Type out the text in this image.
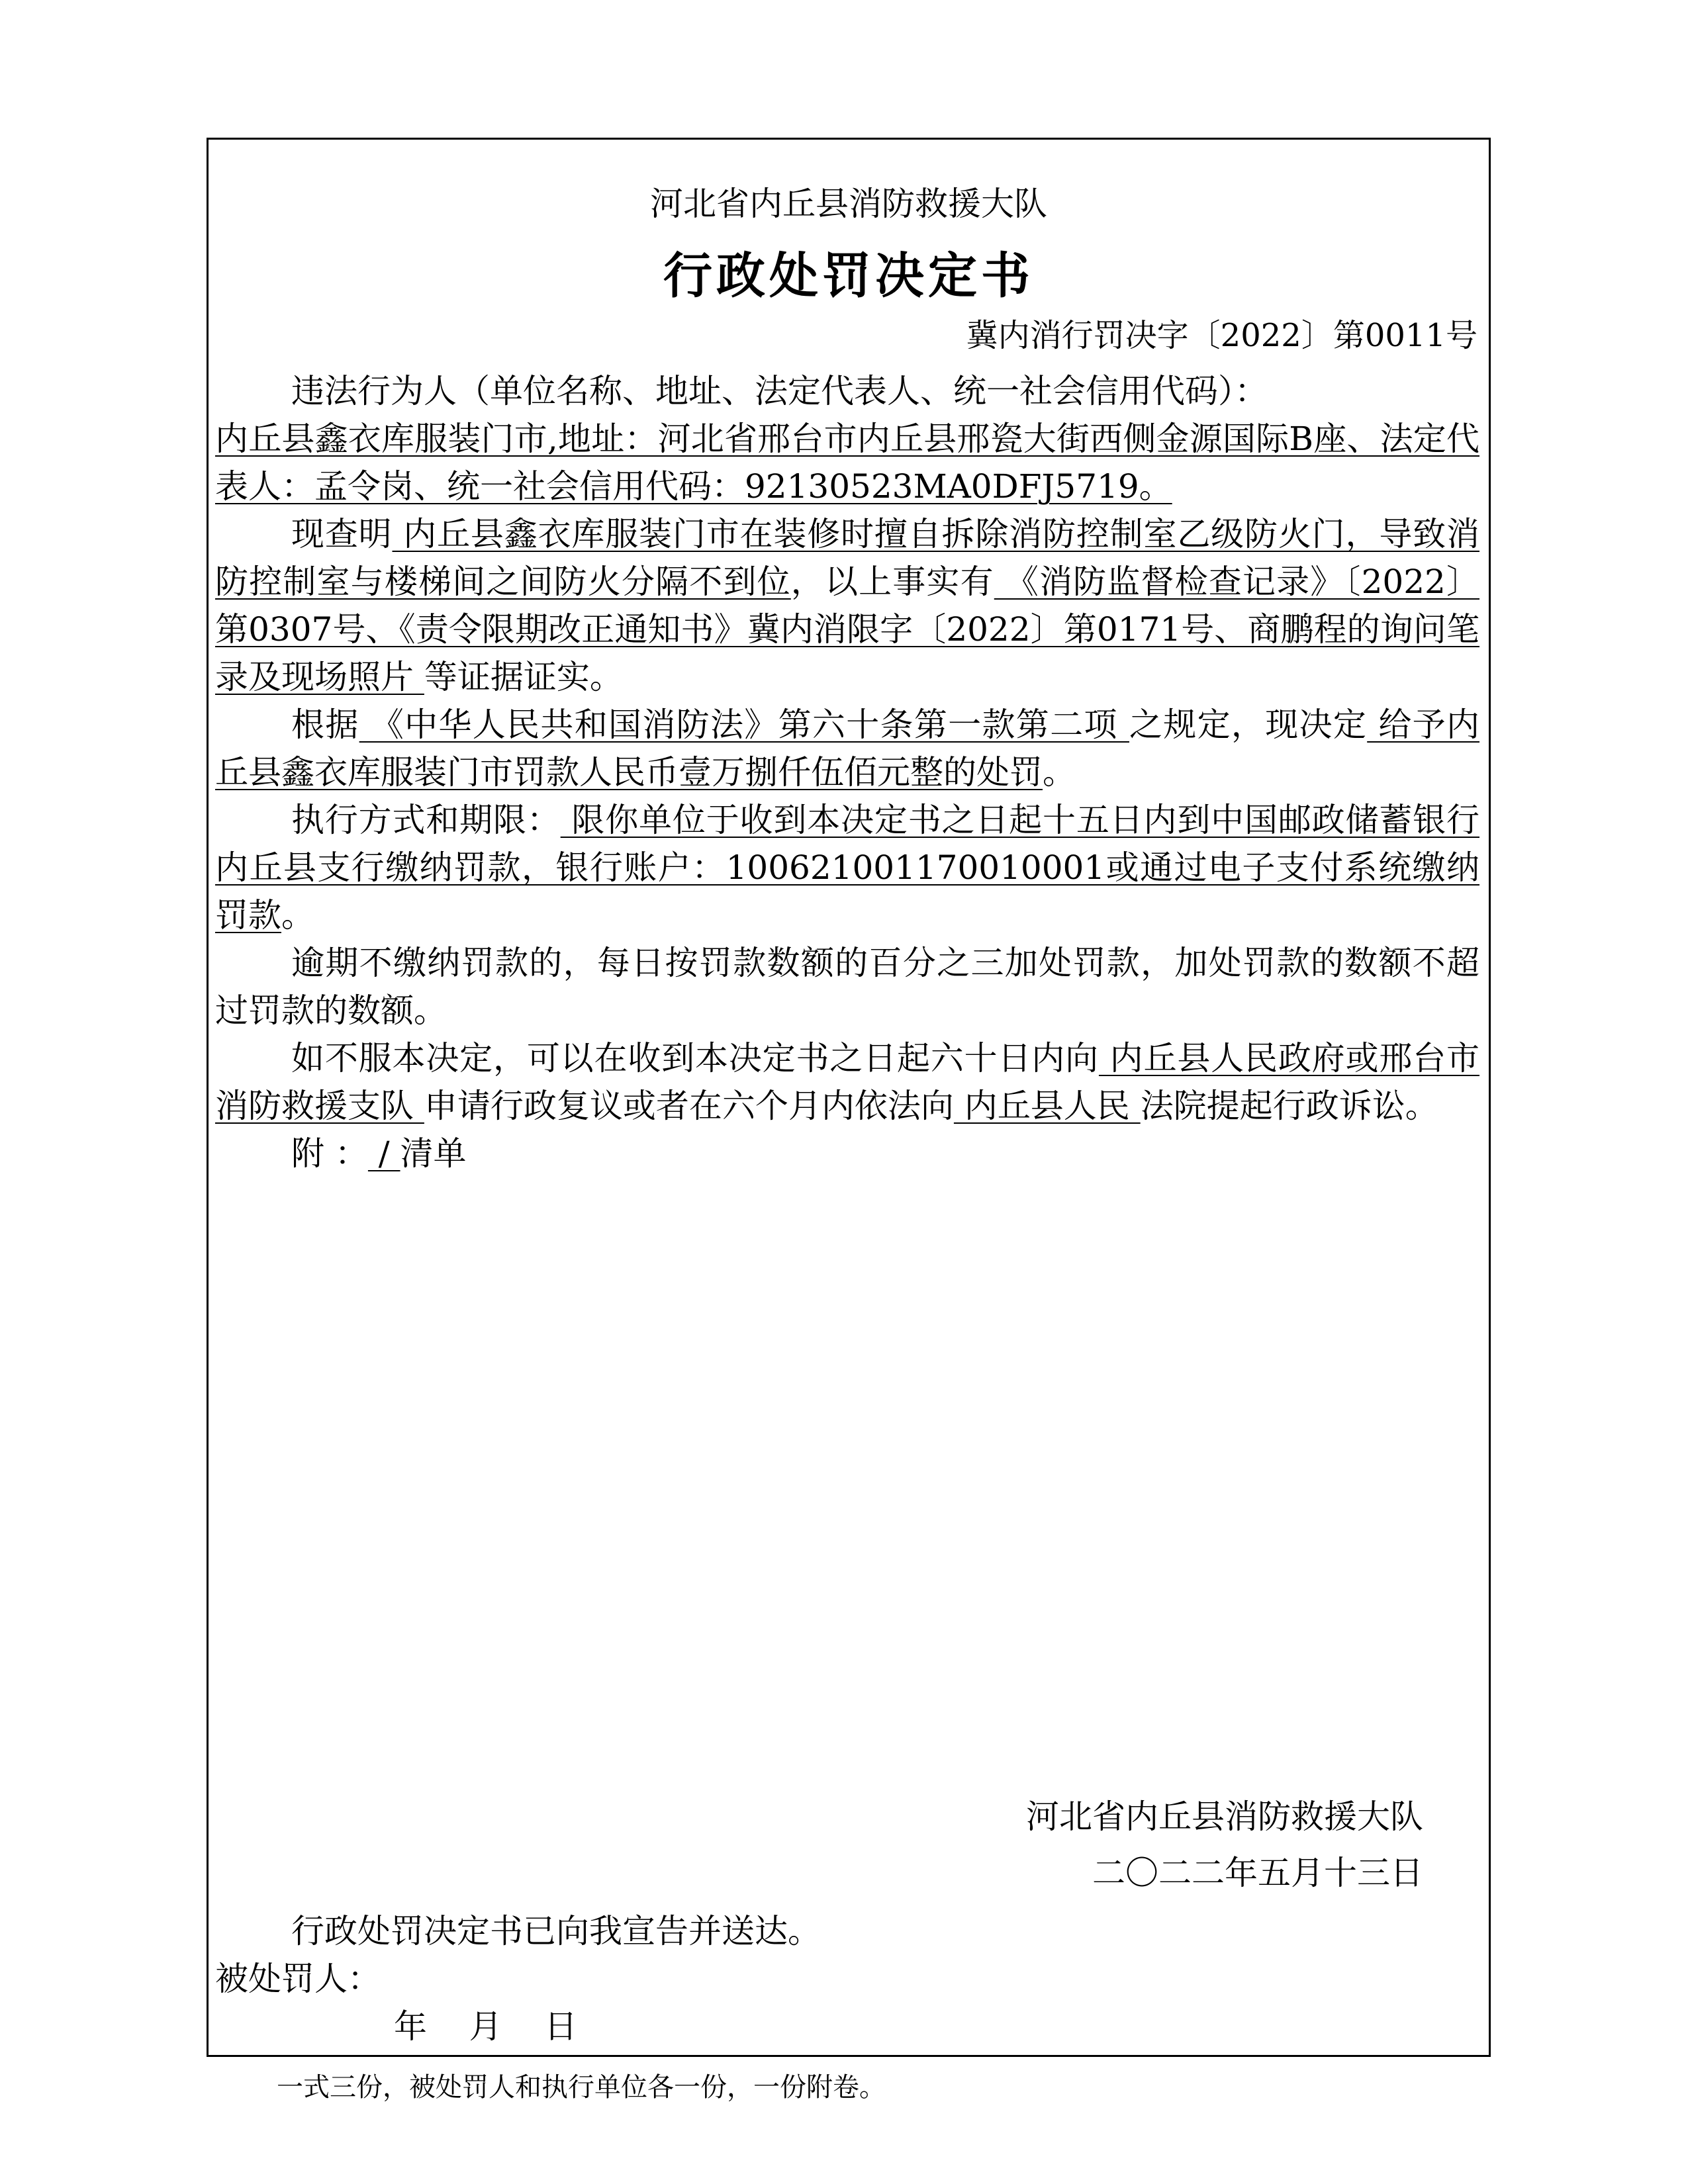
河北省内丘县消防救援大队
行政处罚决定书
冀内消行罚决字〔2022〕第0011号

违法行为人（单位名称、地址、法定代表人、统一社会信用代码）：

内丘县鑫衣库服装门市,地址：河北省邢台市内丘县邢瓷大街西侧金源国际B座、法定代表人：孟令岗、统一社会信用代码：92130523MA0DFJ5719。

现查明 内丘县鑫衣库服装门市在装修时擅自拆除消防控制室乙级防火门，导致消防控制室与楼梯间之间防火分隔不到位，以上事实有 《消防监督检查记录》〔2022〕第0307号、《责令限期改正通知书》冀内消限字〔2022〕第0171号、商鹏程的询问笔录及现场照片 等证据证实。

根据 《中华人民共和国消防法》第六十条第一款第二项 之规定，现决定 给予内丘县鑫衣库服装门市罚款人民币壹万捌仟伍佰元整的处罚。

执行方式和期限： 限你单位于收到本决定书之日起十五日内到中国邮政储蓄银行内丘县支行缴纳罚款，银行账户：100621001170010001或通过电子支付系统缴纳罚款。

逾期不缴纳罚款的，每日按罚款数额的百分之三加处罚款，加处罚款的数额不超过罚款的数额。

如不服本决定，可以在收到本决定书之日起六十日内向 内丘县人民政府或邢台市消防救援支队 申请行政复议或者在六个月内依法向 内丘县人民 法院提起行政诉讼。

附 ： / 清单

河北省内丘县消防救援大队
二〇二二年五月十三日
行政处罚决定书已向我宣告并送达。
被处罚人：
年    月    日
一式三份，被处罚人和执行单位各一份，一份附卷。
